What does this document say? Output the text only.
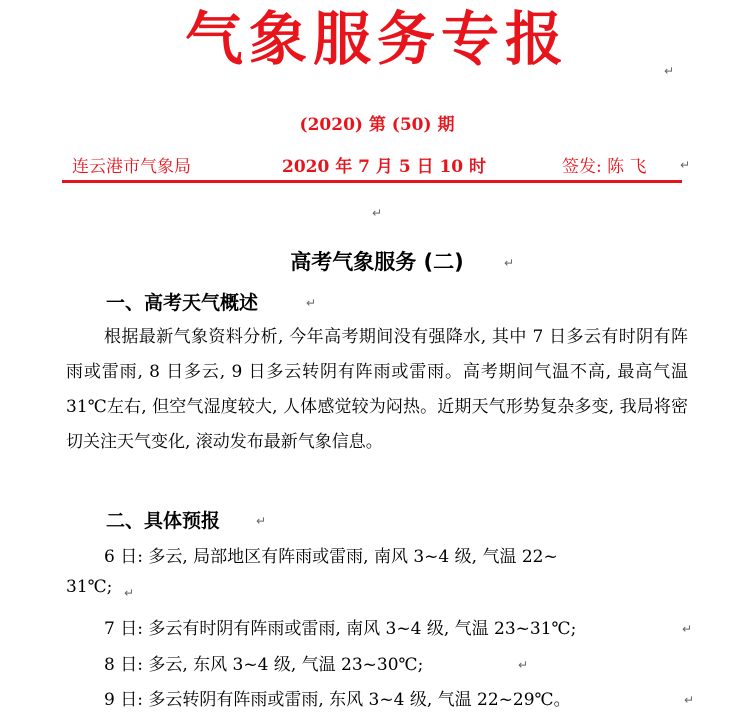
气象服务专报	↵
(2020) 第 (50) 期
连云港市气象局	2020 年 7 月 5 日 10 时	签发: 陈 飞	↵
↵
高考气象服务 (二)	↵
一、高考天气概述	↵

根据最新气象资料分析, 今年高考期间没有强降水, 其中 7 日多云有时阴有阵雨或雷雨, 8 日多云, 9 日多云转阴有阵雨或雷雨。高考期间气温不高, 最高气温 31℃左右, 但空气湿度较大, 人体感觉较为闷热。近期天气形势复杂多变, 我局将密切关注天气变化, 滚动发布最新气象信息。

二、具体预报	↵
6 日: 多云, 局部地区有阵雨或雷雨, 南风 3~4 级, 气温 22~
31℃; ↵
7 日: 多云有时阴有阵雨或雷雨, 南风 3~4 级, 气温 23~31℃;	↵
8 日: 多云, 东风 3~4 级, 气温 23~30℃;	↵
9 日: 多云转阴有阵雨或雷雨, 东风 3~4 级, 气温 22~29℃。	↵
